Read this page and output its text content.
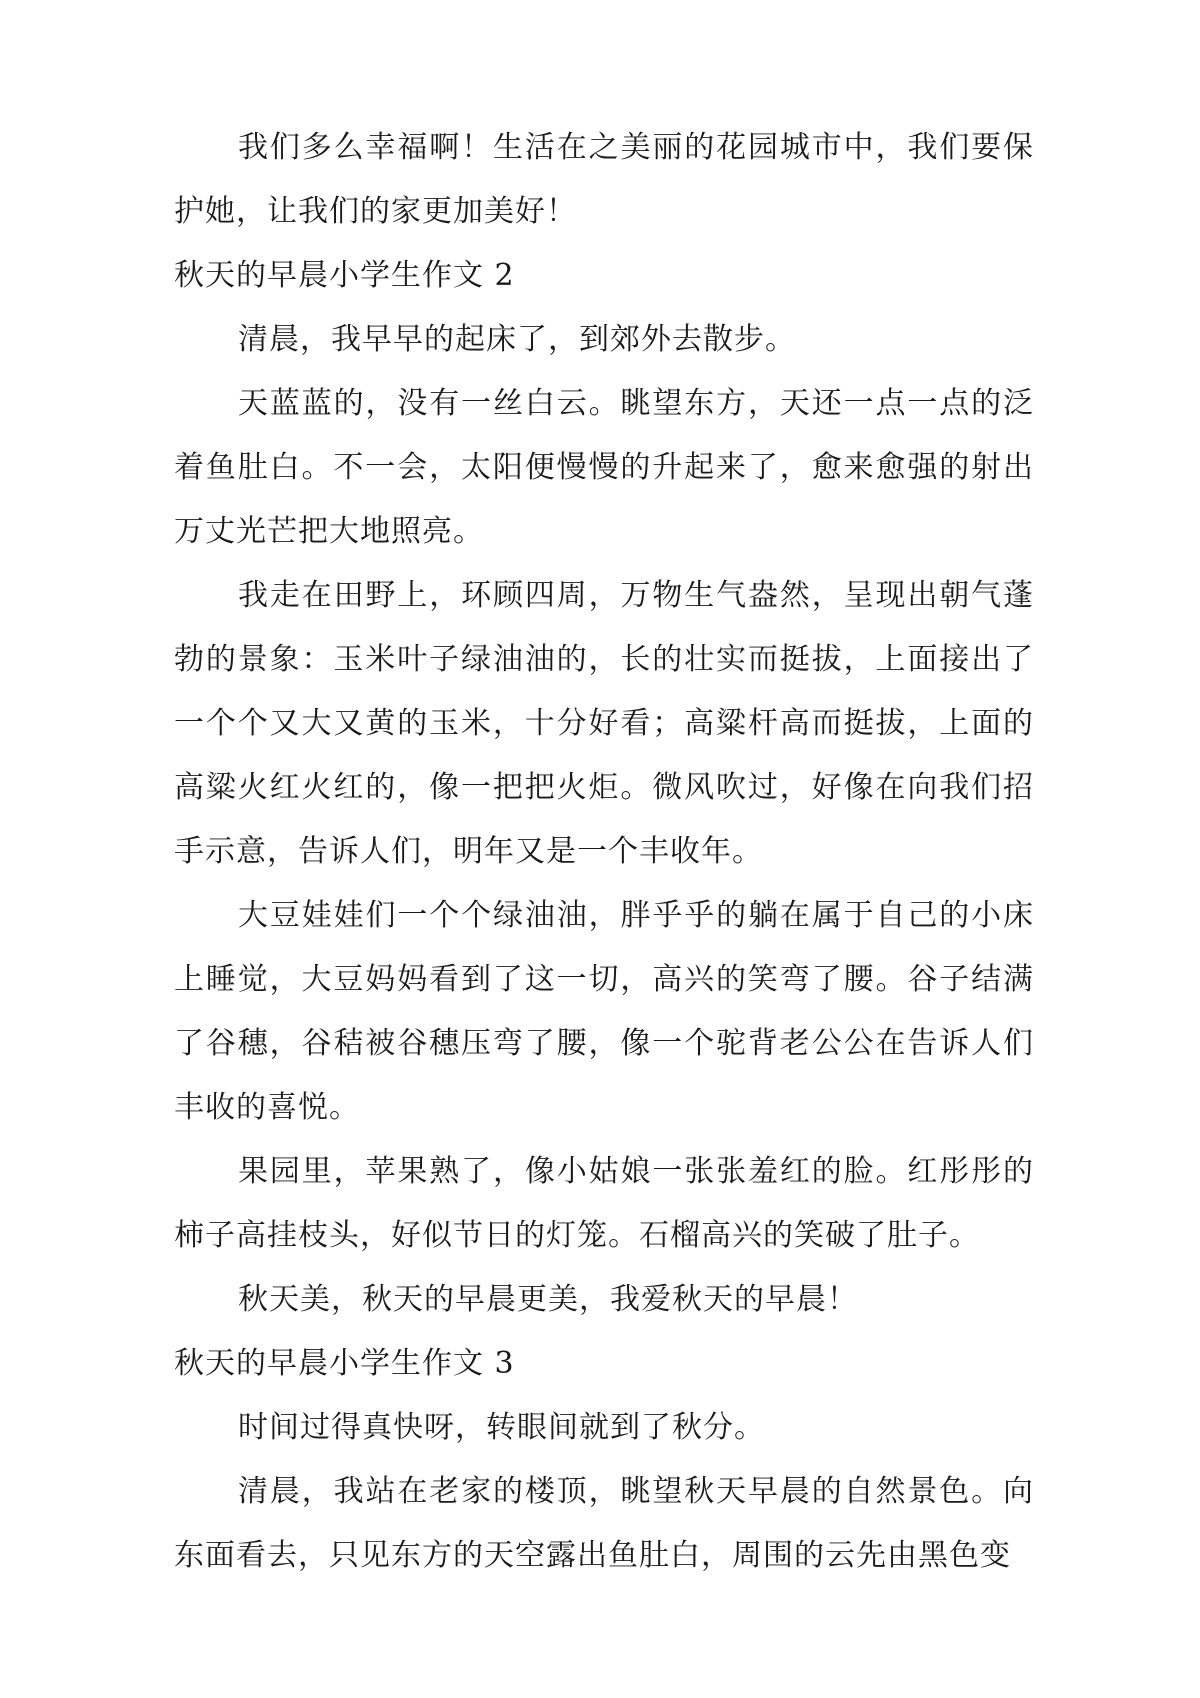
我们多么幸福啊！生活在之美丽的花园城市中，我们要保护她，让我们的家更加美好！

秋天的早晨小学生作文 2

清晨，我早早的起床了，到郊外去散步。

天蓝蓝的，没有一丝白云。眺望东方，天还一点一点的泛着鱼肚白。不一会，太阳便慢慢的升起来了，愈来愈强的射出万丈光芒把大地照亮。

我走在田野上，环顾四周，万物生气盎然，呈现出朝气蓬勃的景象：玉米叶子绿油油的，长的壮实而挺拔，上面接出了一个个又大又黄的玉米，十分好看；高粱杆高而挺拔，上面的高粱火红火红的，像一把把火炬。微风吹过，好像在向我们招手示意，告诉人们，明年又是一个丰收年。

大豆娃娃们一个个绿油油，胖乎乎的躺在属于自己的小床上睡觉，大豆妈妈看到了这一切，高兴的笑弯了腰。谷子结满了谷穗，谷秸被谷穗压弯了腰，像一个驼背老公公在告诉人们丰收的喜悦。

果园里，苹果熟了，像小姑娘一张张羞红的脸。红彤彤的柿子高挂枝头，好似节日的灯笼。石榴高兴的笑破了肚子。

秋天美，秋天的早晨更美，我爱秋天的早晨！

秋天的早晨小学生作文 3

时间过得真快呀，转眼间就到了秋分。

清晨，我站在老家的楼顶，眺望秋天早晨的自然景色。向东面看去，只见东方的天空露出鱼肚白，周围的云先由黑色变
